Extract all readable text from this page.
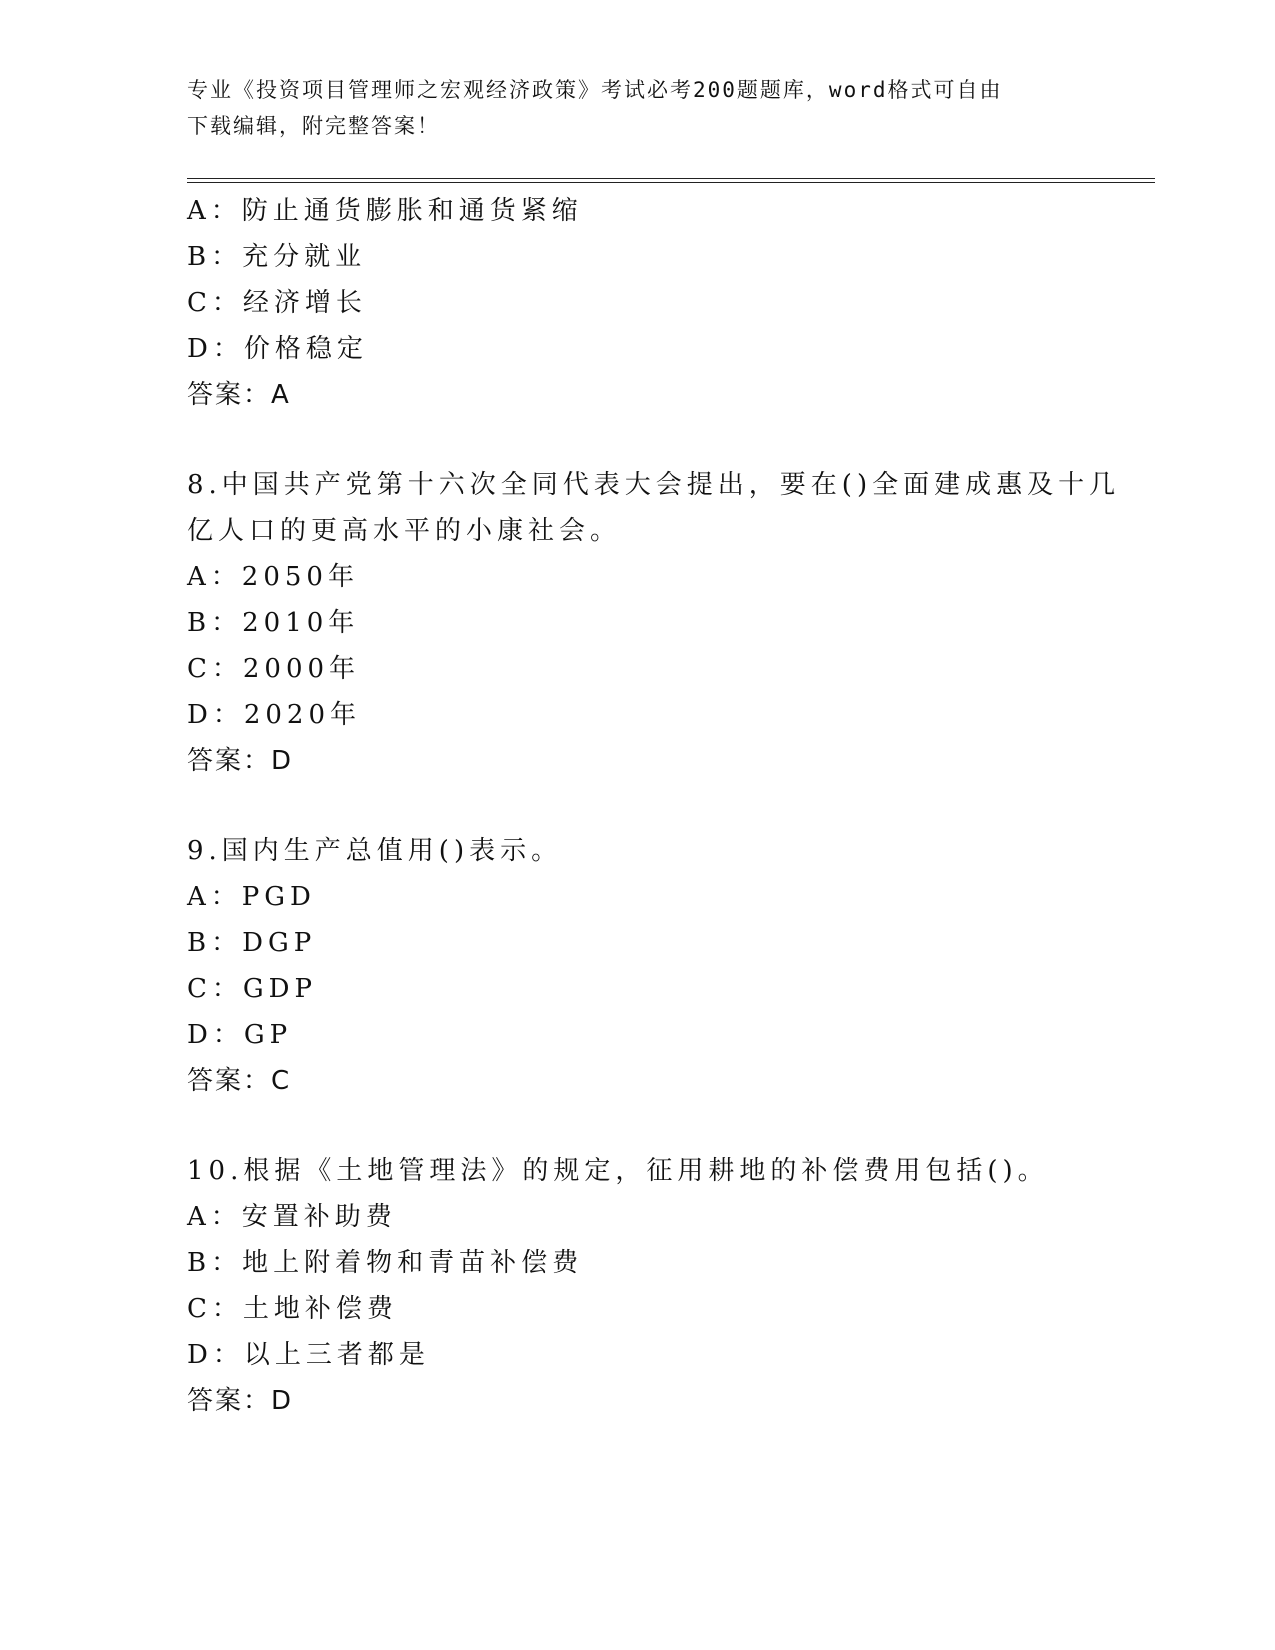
专业《投资项目管理师之宏观经济政策》考试必考200题题库，word格式可自由
下载编辑，附完整答案！
A：防止通货膨胀和通货紧缩
B：充分就业
C：经济增长
D：价格稳定
答案：A
8.中国共产党第十六次全同代表大会提出，要在()全面建成惠及十几
亿人口的更高水平的小康社会。
A：2050年
B：2010年
C：2000年
D：2020年
答案：D
9.国内生产总值用()表示。
A：PGD
B：DGP
C：GDP
D：GP
答案：C
10.根据《土地管理法》的规定，征用耕地的补偿费用包括()。
A：安置补助费
B：地上附着物和青苗补偿费
C：土地补偿费
D：以上三者都是
答案：D
